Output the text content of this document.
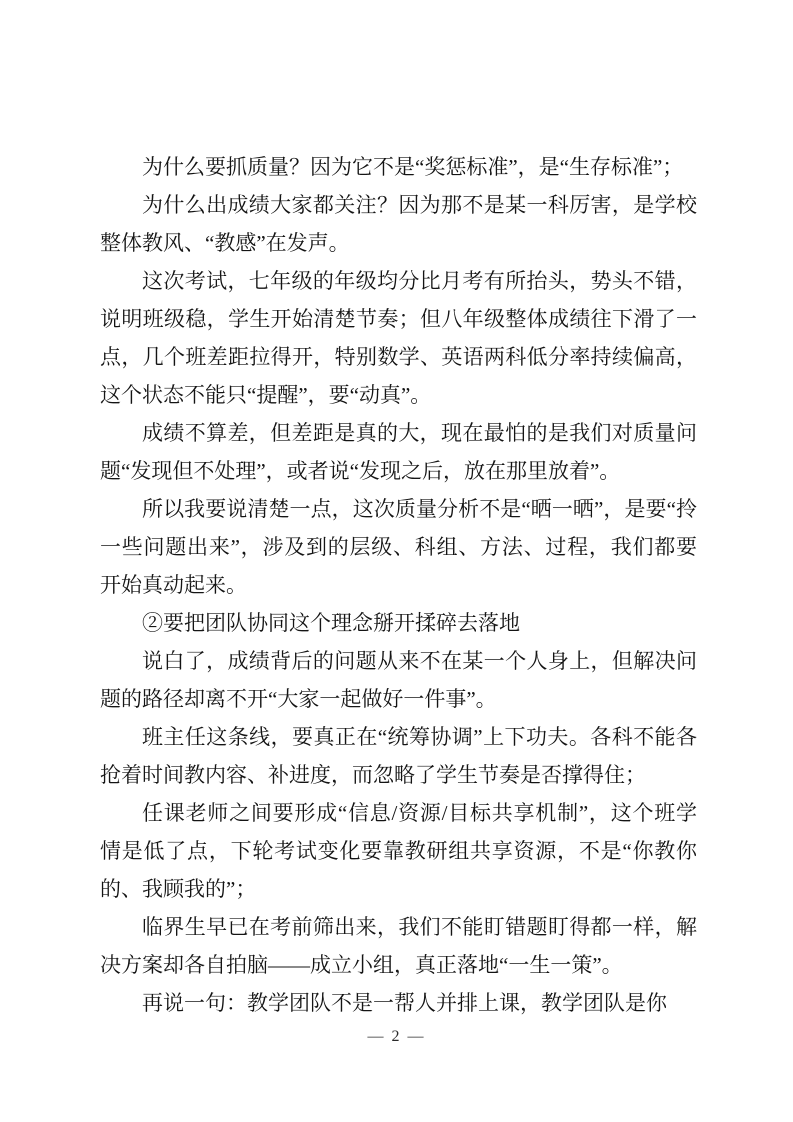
为什么要抓质量？因为它不是“奖惩标准”，是“生存标准”；

为什么出成绩大家都关注？因为那不是某一科厉害，是学校整体教风、“教感”在发声。

这次考试，七年级的年级均分比月考有所抬头，势头不错，说明班级稳，学生开始清楚节奏；但八年级整体成绩往下滑了一点，几个班差距拉得开，特别数学、英语两科低分率持续偏高，这个状态不能只“提醒”，要“动真”。

成绩不算差，但差距是真的大，现在最怕的是我们对质量问题“发现但不处理”，或者说“发现之后，放在那里放着”。

所以我要说清楚一点，这次质量分析不是“晒一晒”，是要“拎一些问题出来”，涉及到的层级、科组、方法、过程，我们都要开始真动起来。

②要把团队协同这个理念掰开揉碎去落地

说白了，成绩背后的问题从来不在某一个人身上，但解决问题的路径却离不开“大家一起做好一件事”。

班主任这条线，要真正在“统筹协调”上下功夫。各科不能各抢着时间教内容、补进度，而忽略了学生节奏是否撑得住；

任课老师之间要形成“信息/资源/目标共享机制”，这个班学情是低了点，下轮考试变化要靠教研组共享资源，不是“你教你的、我顾我的”；

临界生早已在考前筛出来，我们不能盯错题盯得都一样，解决方案却各自拍脑——成立小组，真正落地“一生一策”。

再说一句：教学团队不是一帮人并排上课，教学团队是你

— 2 —
